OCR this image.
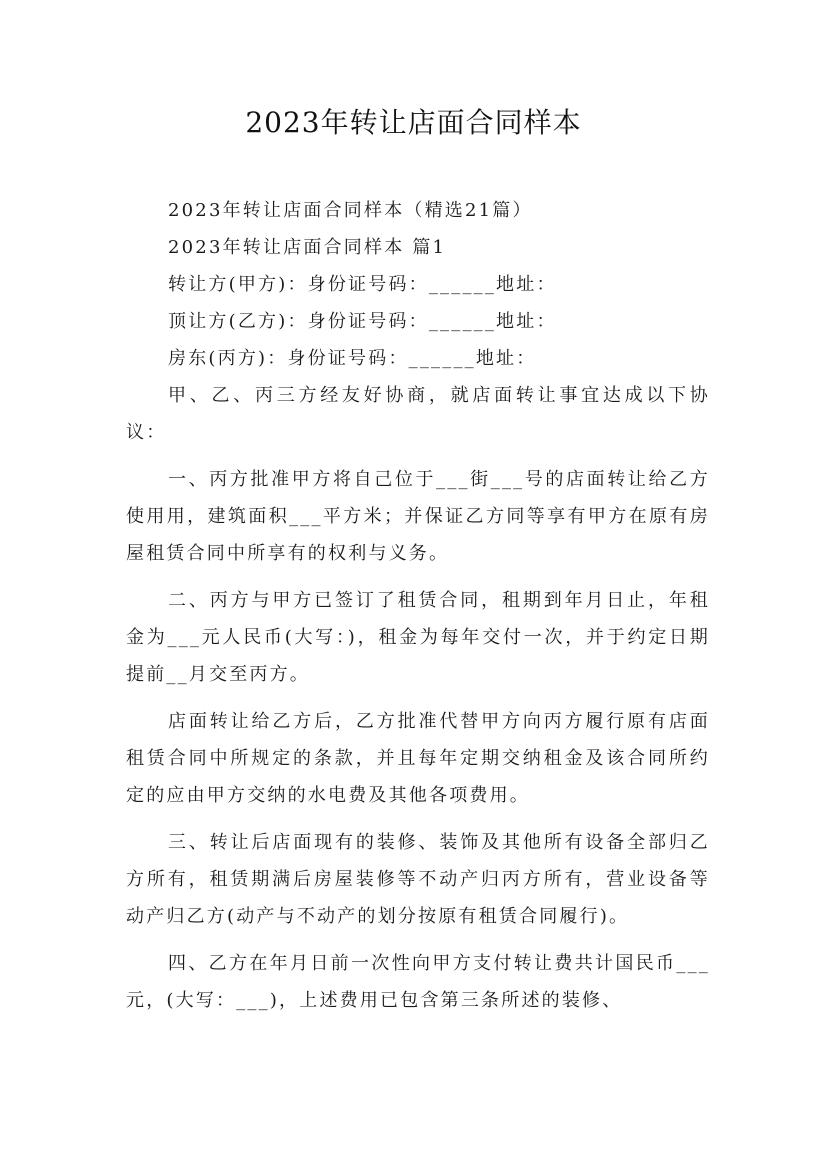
2023年转让店面合同样本

2023年转让店面合同样本（精选21篇）

2023年转让店面合同样本 篇1

转让方(甲方)：身份证号码：______地址：

顶让方(乙方)：身份证号码：______地址：

房东(丙方)：身份证号码：______地址：

甲、乙、丙三方经友好协商，就店面转让事宜达成以下协议：

一、丙方批准甲方将自己位于___街___号的店面转让给乙方使用用，建筑面积___平方米；并保证乙方同等享有甲方在原有房屋租赁合同中所享有的权利与义务。

二、丙方与甲方已签订了租赁合同，租期到年月日止，年租金为___元人民币(大写：)，租金为每年交付一次，并于约定日期提前__月交至丙方。

店面转让给乙方后，乙方批准代替甲方向丙方履行原有店面租赁合同中所规定的条款，并且每年定期交纳租金及该合同所约定的应由甲方交纳的水电费及其他各项费用。

三、转让后店面现有的装修、装饰及其他所有设备全部归乙方所有，租赁期满后房屋装修等不动产归丙方所有，营业设备等动产归乙方(动产与不动产的划分按原有租赁合同履行)。

四、乙方在年月日前一次性向甲方支付转让费共计国民币___元，(大写：___)，上述费用已包含第三条所述的装修、
